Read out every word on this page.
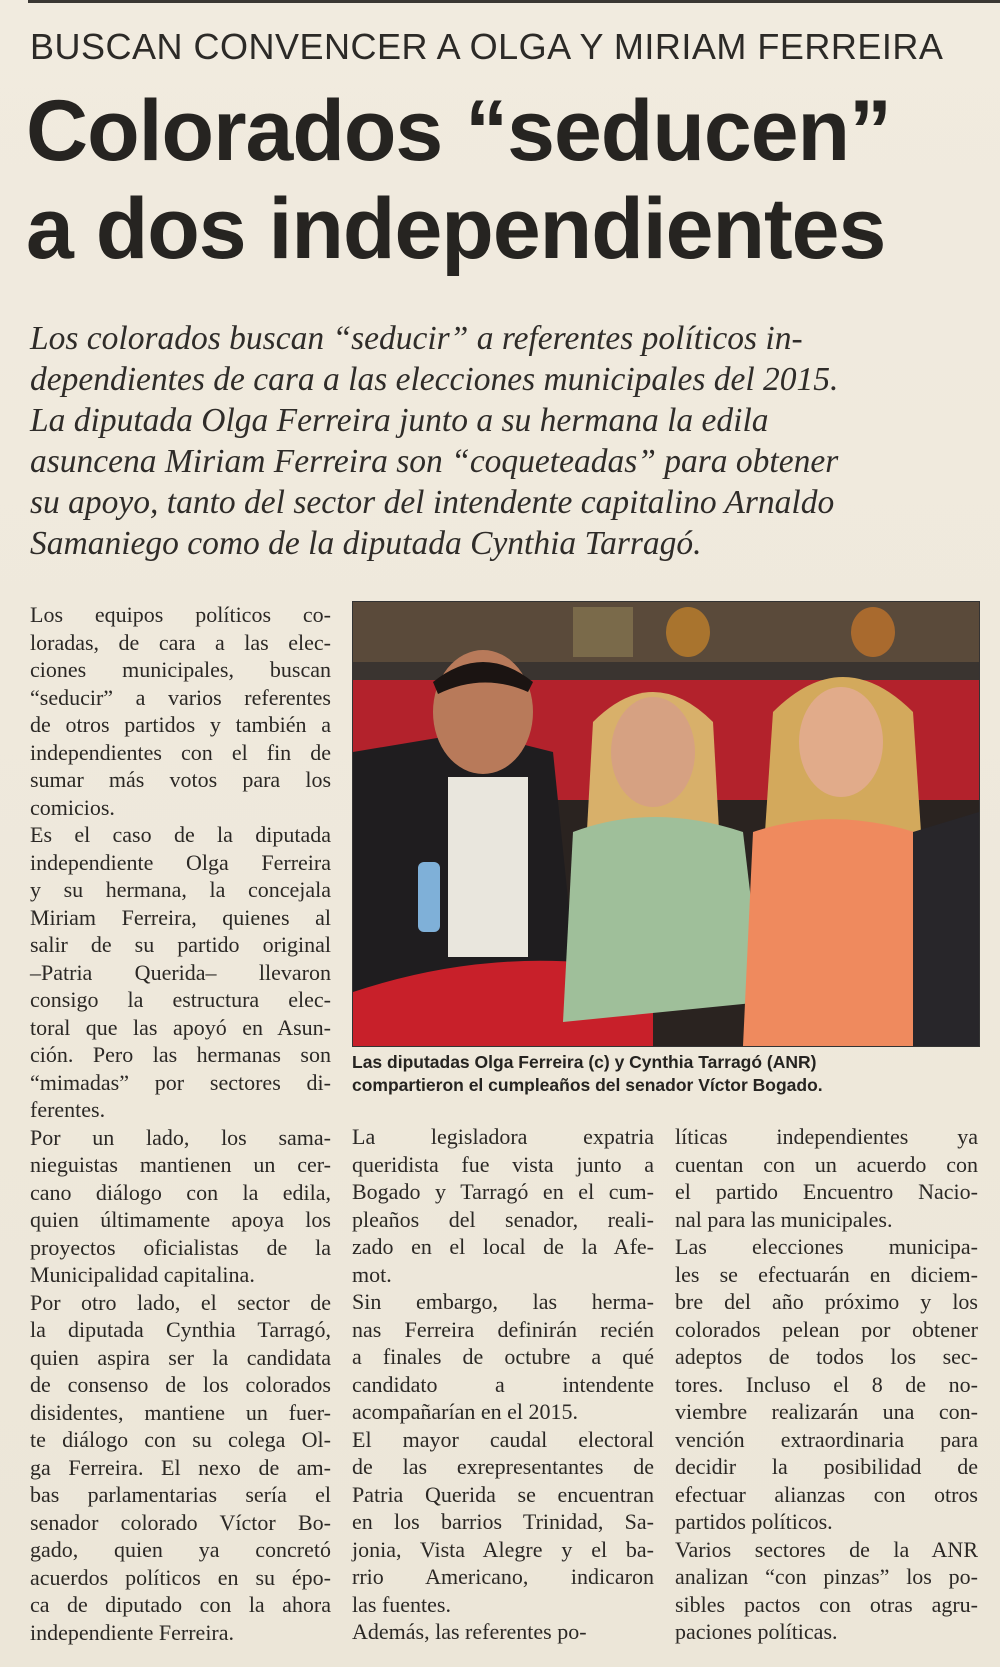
BUSCAN CONVENCER A OLGA Y MIRIAM FERREIRA
Colorados “seducen”
a dos independientes
Los colorados buscan “seducir” a referentes políticos in-
dependientes de cara a las elecciones municipales del 2015.
La diputada Olga Ferreira junto a su hermana la edila
asuncena Miriam Ferreira son “coqueteadas” para obtener
su apoyo, tanto del sector del intendente capitalino Arnaldo
Samaniego como de la diputada Cynthia Tarragó.
Los equipos políticos co-
loradas, de cara a las elec-
ciones municipales, buscan
“seducir” a varios referentes
de otros partidos y también a
independientes con el fin de
sumar más votos para los
comicios.
Es el caso de la diputada
independiente Olga Ferreira
y su hermana, la concejala
Miriam Ferreira, quienes al
salir de su partido original
–Patria Querida– llevaron
consigo la estructura elec-
toral que las apoyó en Asun-
ción. Pero las hermanas son
“mimadas” por sectores di-
ferentes.
Por un lado, los sama-
nieguistas mantienen un cer-
cano diálogo con la edila,
quien últimamente apoya los
proyectos oficialistas de la
Municipalidad capitalina.
Por otro lado, el sector de
la diputada Cynthia Tarragó,
quien aspira ser la candidata
de consenso de los colorados
disidentes, mantiene un fuer-
te diálogo con su colega Ol-
ga Ferreira. El nexo de am-
bas parlamentarias sería el
senador colorado Víctor Bo-
gado, quien ya concretó
acuerdos políticos en su épo-
ca de diputado con la ahora
independiente Ferreira.
La legisladora expatria
queridista fue vista junto a
Bogado y Tarragó en el cum-
pleaños del senador, reali-
zado en el local de la Afe-
mot.
Sin embargo, las herma-
nas Ferreira definirán recién
a finales de octubre a qué
candidato a intendente
acompañarían en el 2015.
El mayor caudal electoral
de las exrepresentantes de
Patria Querida se encuentran
en los barrios Trinidad, Sa-
jonia, Vista Alegre y el ba-
rrio Americano, indicaron
las fuentes.
Además, las referentes po-
líticas independientes ya
cuentan con un acuerdo con
el partido Encuentro Nacio-
nal para las municipales.
Las elecciones municipa-
les se efectuarán en diciem-
bre del año próximo y los
colorados pelean por obtener
adeptos de todos los sec-
tores. Incluso el 8 de no-
viembre realizarán una con-
vención extraordinaria para
decidir la posibilidad de
efectuar alianzas con otros
partidos políticos.
Varios sectores de la ANR
analizan “con pinzas” los po-
sibles pactos con otras agru-
paciones políticas.
Las diputadas Olga Ferreira (c) y Cynthia Tarragó (ANR)
compartieron el cumpleaños del senador Víctor Bogado.
